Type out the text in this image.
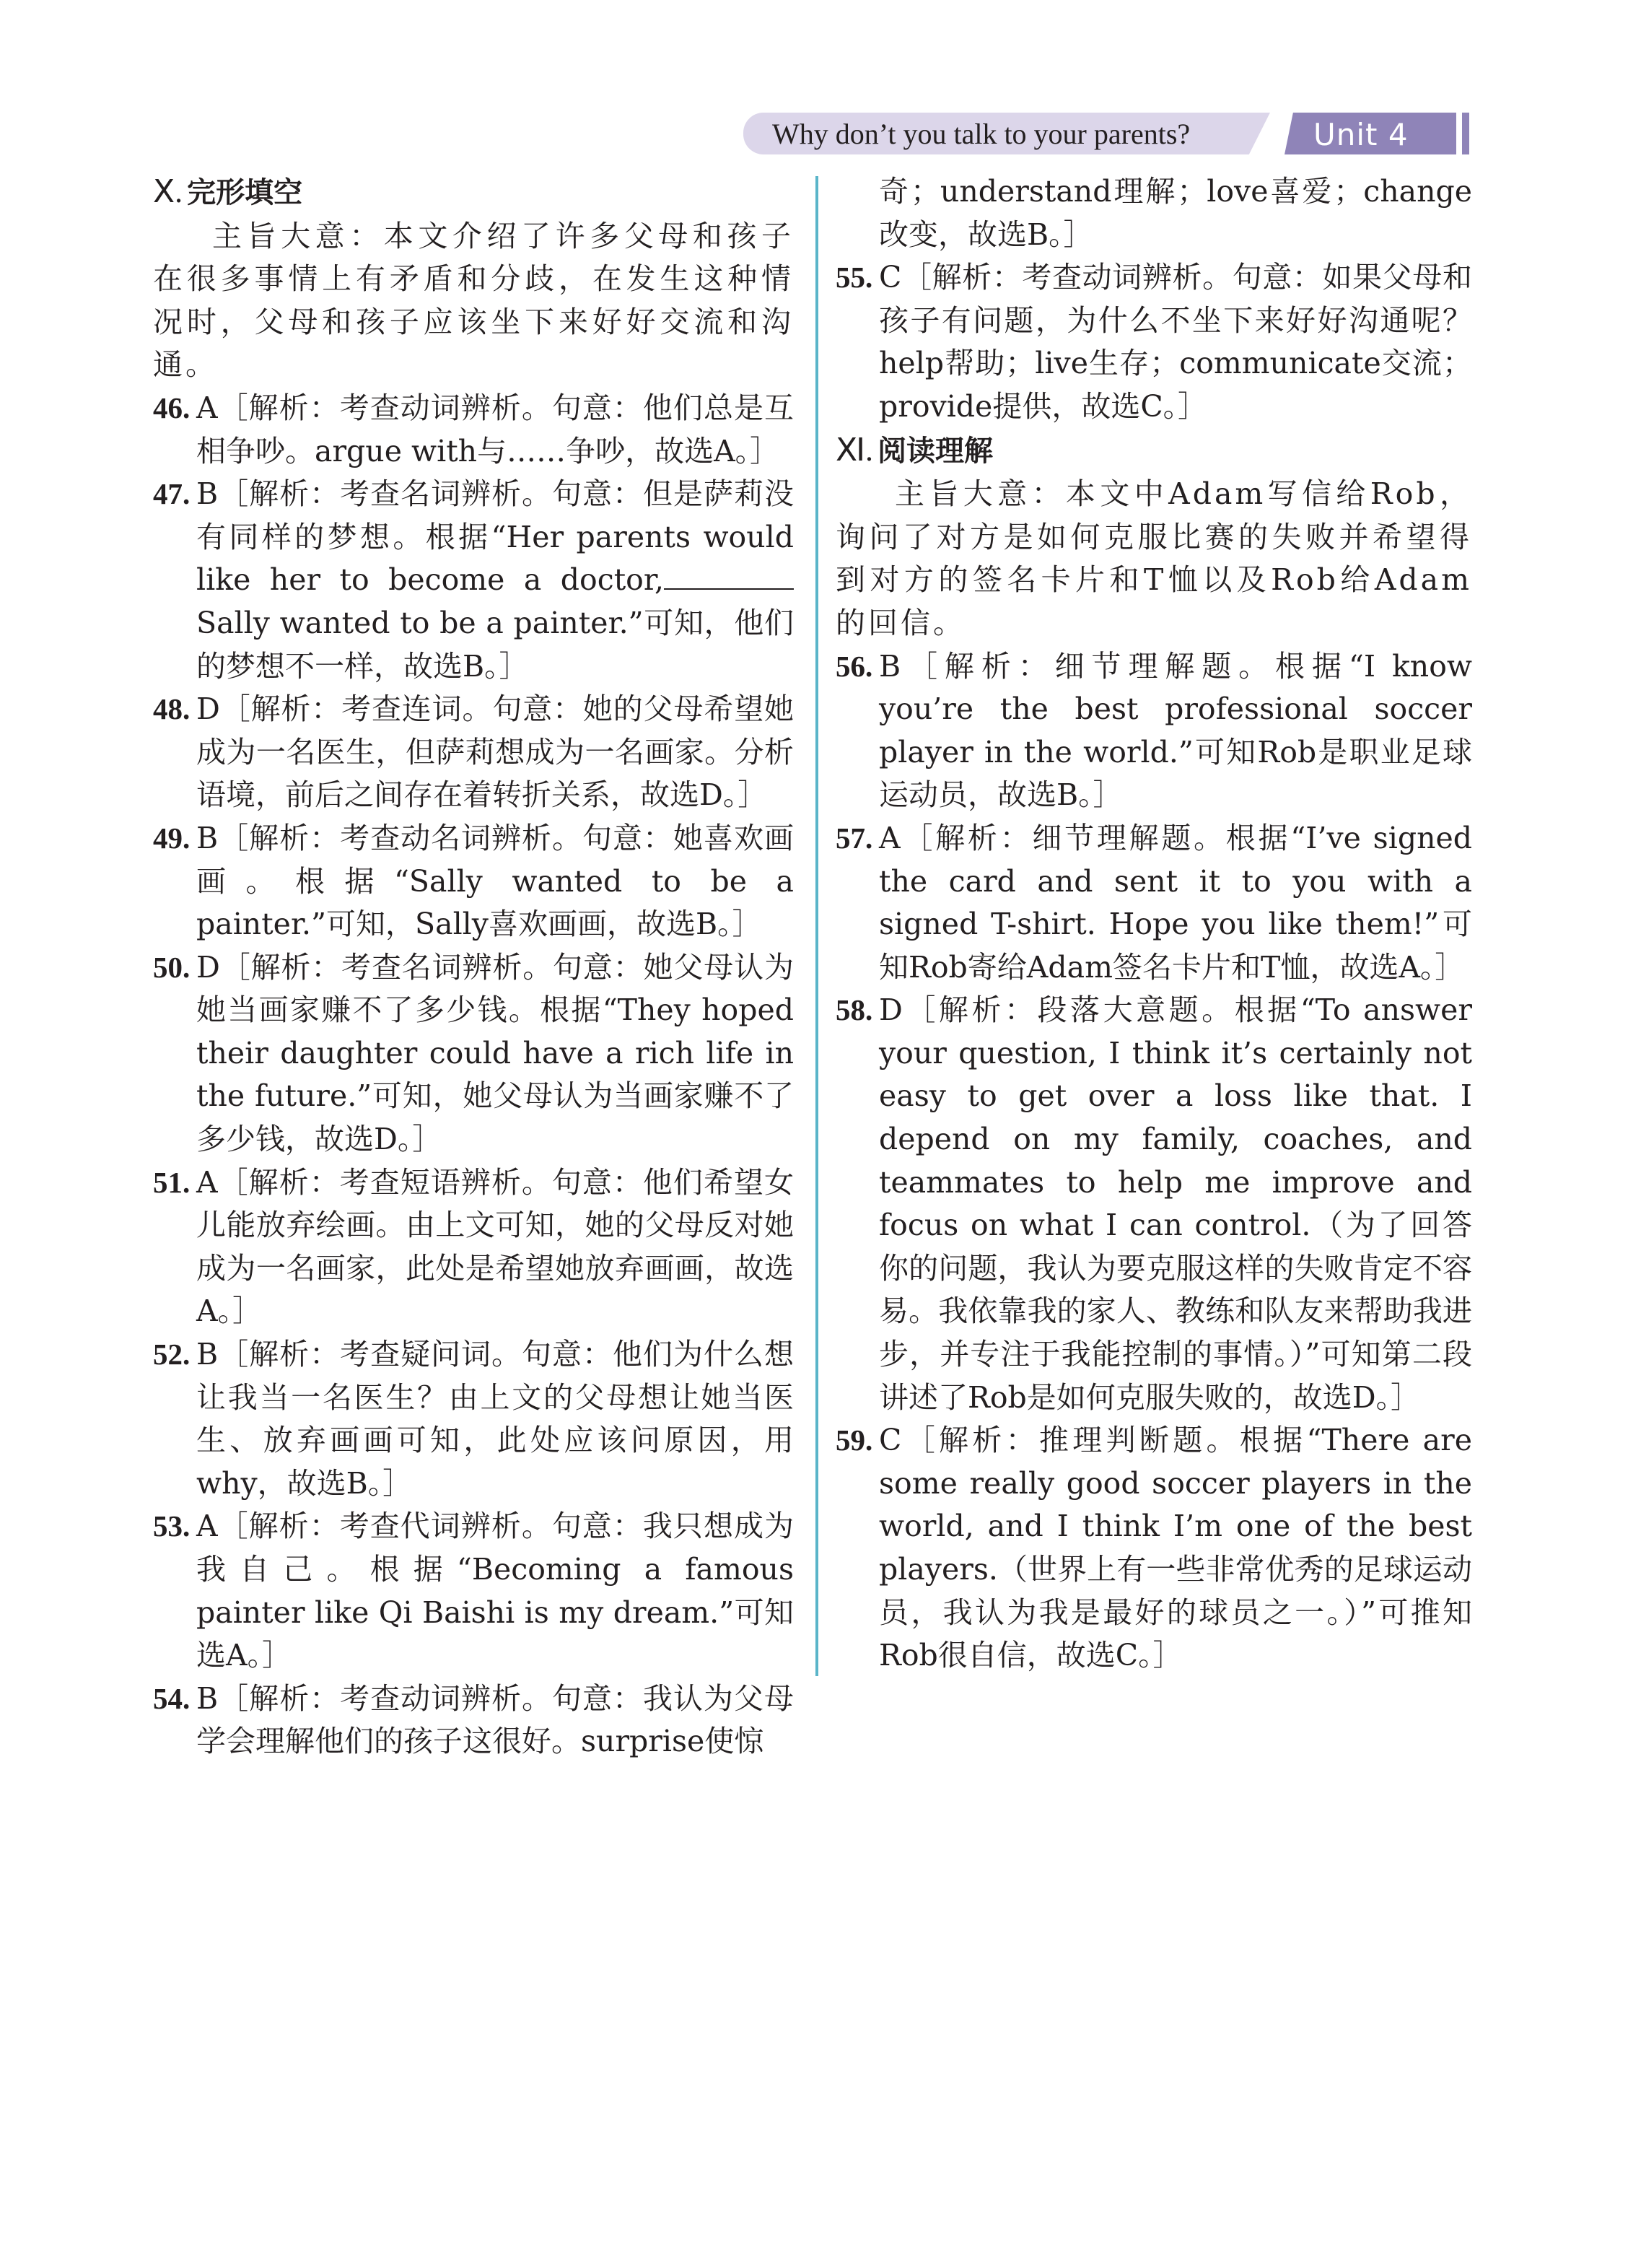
Why don’t you talk to your parents?	Unit 4

Ⅹ. 完形填空

主旨大意：本文介绍了许多父母和孩子在很多事情上有矛盾和分歧，在发生这种情况时，父母和孩子应该坐下来好好交流和沟通。

46. A［解析：考查动词辨析。句意：他们总是互相争吵。argue with与……争吵，故选A。］

47. B［解析：考查名词辨析。句意：但是萨莉没有同样的梦想。根据“Her parents would like her to become a doctor,Sally wanted to be a painter.”可知，他们的梦想不一样，故选B。］

48. D［解析：考查连词。句意：她的父母希望她成为一名医生，但萨莉想成为一名画家。分析语境，前后之间存在着转折关系，故选D。］

49. B［解析：考查动名词辨析。句意：她喜欢画画。根据“Sally wanted to be a painter.”可知，Sally喜欢画画，故选B。］

50. D［解析：考查名词辨析。句意：她父母认为她当画家赚不了多少钱。根据“They hoped their daughter could have a rich life in the future.”可知，她父母认为当画家赚不了多少钱，故选D。］

51. A［解析：考查短语辨析。句意：他们希望女儿能放弃绘画。由上文可知，她的父母反对她成为一名画家，此处是希望她放弃画画，故选A。］

52. B［解析：考查疑问词。句意：他们为什么想让我当一名医生？由上文的父母想让她当医生、放弃画画可知，此处应该问原因，用why，故选B。］

53. A［解析：考查代词辨析。句意：我只想成为我自己。根据“Becoming a famous painter like Qi Baishi is my dream.”可知选A。］

54. B［解析：考查动词辨析。句意：我认为父母学会理解他们的孩子这很好。surprise使惊

奇；understand理解；love喜爱；change改变，故选B。］

55. C［解析：考查动词辨析。句意：如果父母和孩子有问题，为什么不坐下来好好沟通呢？help帮助；live生存；communicate交流；provide提供，故选C。］

Ⅺ. 阅读理解

主旨大意：本文中Adam写信给Rob，询问了对方是如何克服比赛的失败并希望得到对方的签名卡片和T恤以及Rob给Adam的回信。

56. B［解析：细节理解题。根据“I know you’re the best professional soccer player in the world.”可知Rob是职业足球运动员，故选B。］

57. A［解析：细节理解题。根据“I’ve signed the card and sent it to you with a signed T-shirt. Hope you like them!”可知Rob寄给Adam签名卡片和T恤，故选A。］

58. D［解析：段落大意题。根据“To answer your question, I think it’s certainly not easy to get over a loss like that. I depend on my family, coaches, and teammates to help me improve and focus on what I can control.（为了回答你的问题，我认为要克服这样的失败肯定不容易。我依靠我的家人、教练和队友来帮助我进步，并专注于我能控制的事情。）”可知第二段讲述了Rob是如何克服失败的，故选D。］

59. C［解析：推理判断题。根据“There are some really good soccer players in the world, and I think I’m one of the best players.（世界上有一些非常优秀的足球运动员，我认为我是最好的球员之一。）”可推知Rob很自信，故选C。］
